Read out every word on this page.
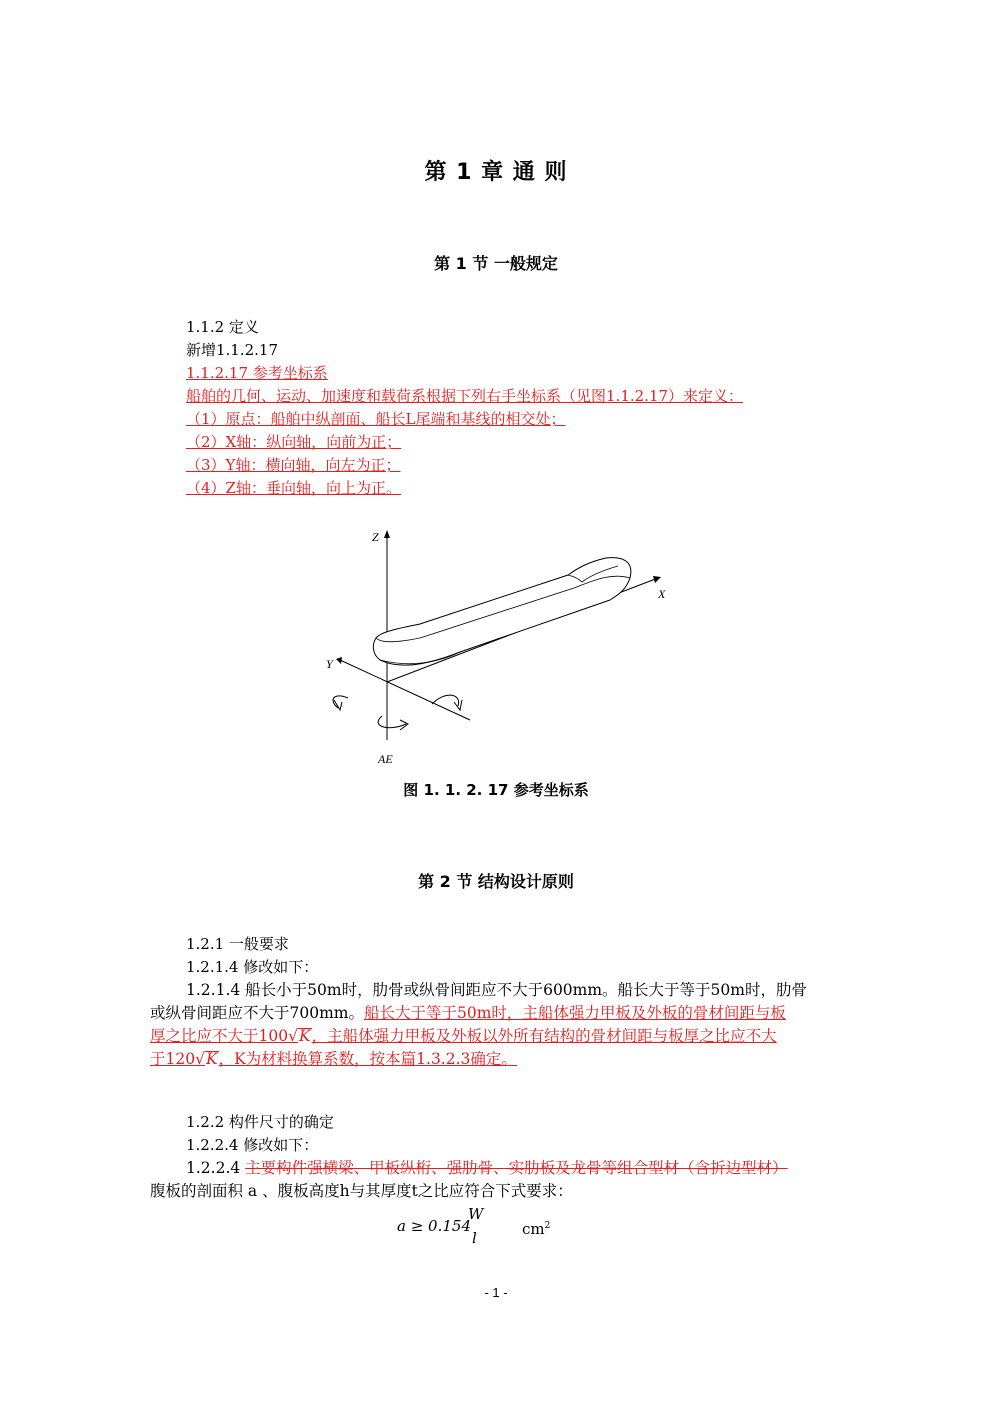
第 1 章 通 则
第 1 节 一般规定
1.1.2 定义
新增1.1.2.17
1.1.2.17 参考坐标系
船舶的几何、运动、加速度和载荷系根据下列右手坐标系（见图1.1.2.17）来定义：
（1）原点：船舶中纵剖面、船长L尾端和基线的相交处；
（2）X轴：纵向轴，向前为正；
（3）Y轴：横向轴，向左为正；
（4）Z轴：垂向轴，向上为正。
Z
X
Y
AE
图 1. 1. 2. 17 参考坐标系
第 2 节 结构设计原则
1.2.1 一般要求
1.2.1.4 修改如下：
1.2.1.4 船长小于50m时，肋骨或纵骨间距应不大于600mm。船长大于等于50m时，肋骨
或纵骨间距应不大于700mm。船长大于等于50m时，主船体强力甲板及外板的骨材间距与板
厚之比应不大于100√K，主船体强力甲板及外板以外所有结构的骨材间距与板厚之比应不大
于120√K，K为材料换算系数，按本篇1.3.2.3确定。
1.2.2 构件尺寸的确定
1.2.2.4 修改如下：
1.2.2.4 主要构件强横梁、甲板纵桁、强肋骨、实肋板及龙骨等组合型材（含折边型材）
腹板的剖面积 a 、腹板高度h与其厚度t之比应符合下式要求：
a ≥ 0.154
W
l	$cm^2$
- 1 -
